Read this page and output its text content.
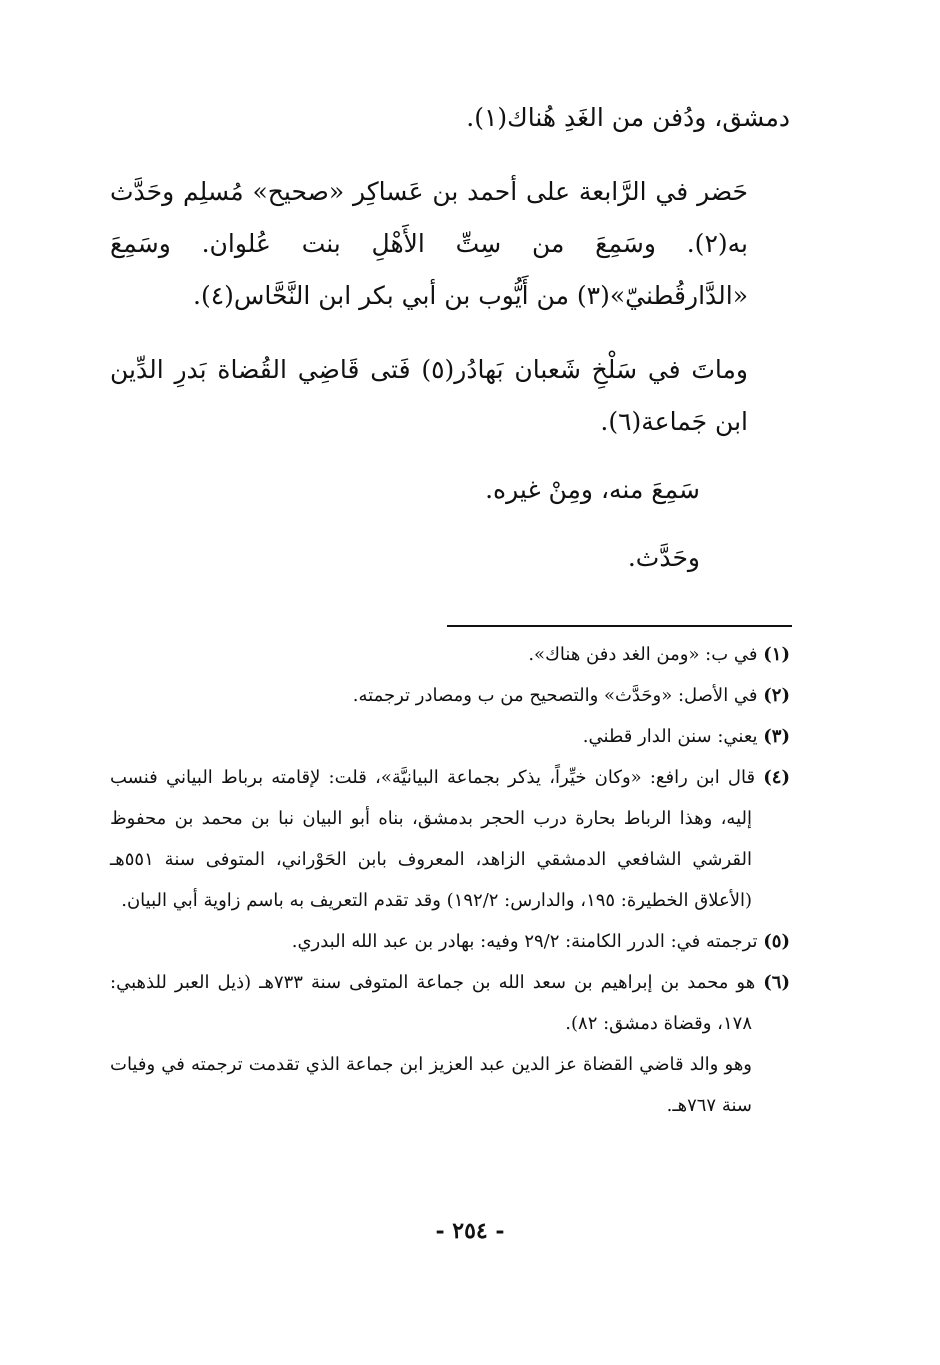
دمشق، ودُفن من الغَدِ هُناك(١).

حَضر في الرَّابعة على أحمد بن عَساكِر «صحيح» مُسلِم وحَدَّث به(٢). وسَمِعَ من سِتِّ الأَهْلِ بنت عُلوان. وسَمِعَ «الدَّارقُطنيّ»(٣) من أَيُّوب بن أبي بكر ابن النَّحَّاس(٤).

وماتَ في سَلْخِ شَعبان بَهادُر(٥) فَتى قَاضِي القُضاة بَدرِ الدِّين ابن جَماعة(٦).

سَمِعَ منه، ومِنْ غيره.

وحَدَّث.

(١) في ب: «ومن الغد دفن هناك».

(٢) في الأصل: «وحَدَّث» والتصحيح من ب ومصادر ترجمته.

(٣) يعني: سنن الدار قطني.

(٤) قال ابن رافع: «وكان خيِّراً، يذكر بجماعة البيانيَّة»، قلت: لإقامته برباط البياني فنسب إليه، وهذا الرباط بحارة درب الحجر بدمشق، بناه أبو البيان نبا بن محمد بن محفوظ القرشي الشافعي الدمشقي الزاهد، المعروف بابن الحَوْراني، المتوفى سنة ٥٥١هـ (الأعلاق الخطيرة: ١٩٥، والدارس: ١٩٢/٢) وقد تقدم التعريف به باسم زاوية أبي البيان.

(٥) ترجمته في: الدرر الكامنة: ٢٩/٢ وفيه: بهادر بن عبد الله البدري.

(٦) هو محمد بن إبراهيم بن سعد الله بن جماعة المتوفى سنة ٧٣٣هـ (ذيل العبر للذهبي: ١٧٨، وقضاة دمشق: ٨٢).

وهو والد قاضي القضاة عز الدين عبد العزيز ابن جماعة الذي تقدمت ترجمته في وفيات سنة ٧٦٧هـ.

- ٢٥٤ -
